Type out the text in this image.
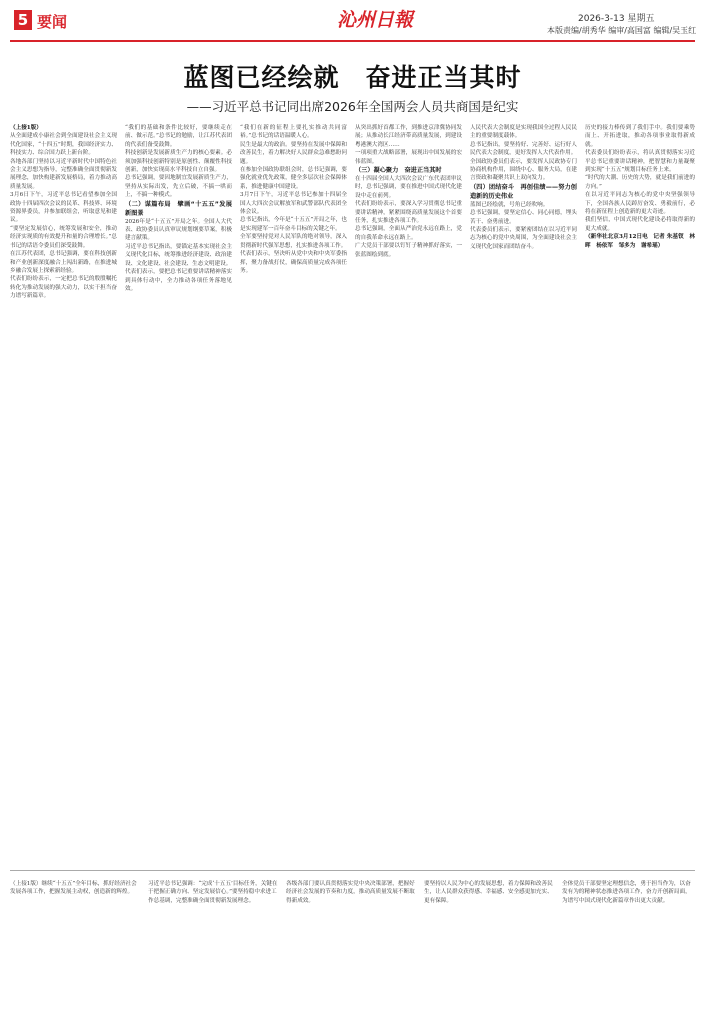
5 要闻	沁州日報	2026-3-13 星期五
本版责编/胡秀华 编审/高国富 编辑/吴玉红
蓝图已经绘就　奋进正当其时
——习近平总书记同出席2026年全国两会人员共商国是纪实

（上接1版）

从全面建成小康社会到全面建设社会主义现代化国家，“十四五”时期，我国经济实力、科技实力、综合国力跃上新台阶。

各地各部门坚持以习近平新时代中国特色社会主义思想为指导，完整准确全面贯彻新发展理念，加快构建新发展格局，着力推动高质量发展。

3月6日下午，习近平总书记看望参加全国政协十四届四次会议的民革、科技界、环境资源界委员，并参加联组会，听取意见和建议。

“要坚定发展信心，统筹发展和安全，推动经济实现质的有效提升和量的合理增长。”总书记的话语令委员们深受鼓舞。

在江苏代表团，总书记强调，要在科技创新和产业创新深度融合上闯出新路，在推进城乡融合发展上探索新经验。

代表们纷纷表示，一定把总书记的殷殷嘱托转化为推动发展的强大动力，以实干担当奋力谱写新篇章。

“我们的基础和条件比较好，要继续走在前、做示范。”总书记的勉励，让江苏代表团的代表们备受鼓舞。

科技创新是发展新质生产力的核心要素。必须加强科技创新特别是原创性、颠覆性科技创新，加快实现高水平科技自立自强。

总书记强调，要因地制宜发展新质生产力，坚持从实际出发，先立后破，不搞一哄而上，不搞一种模式。

（二）谋篇布局　擘画“十五五”发展新图景

2026年是“十五五”开局之年。全国人大代表、政协委员认真审议规划纲要草案，积极建言献策。

习近平总书记指出，要锚定基本实现社会主义现代化目标，统筹推进经济建设、政治建设、文化建设、社会建设、生态文明建设。

代表们表示，要把总书记重要讲话精神落实到具体行动中，全力推动各项任务落地见效。

“我们在新的征程上要扎实推动共同富裕。”总书记的话语温暖人心。

民生是最大的政治。要坚持在发展中保障和改善民生，着力解决好人民群众急难愁盼问题。

在参加全国政协联组会时，总书记强调，要强化就业优先政策，健全多层次社会保障体系，推进健康中国建设。

3月7日下午，习近平总书记参加十四届全国人大四次会议解放军和武警部队代表团全体会议。

总书记指出，今年是“十五五”开局之年，也是实现建军一百年奋斗目标的关键之年。

全军要坚持党对人民军队的绝对领导，深入贯彻新时代强军思想，扎实推进各项工作。

代表们表示，坚决听从党中央和中央军委指挥，聚力备战打仗，确保高质量完成各项任务。

从突出抓好首都工作，到推进京津冀协同发展；从推动长江经济带高质量发展，到建设粤港澳大湾区……

一项项重大战略部署，展现出中国发展的宏伟蓝图。

（三）凝心聚力　奋进正当其时

在十四届全国人大四次会议广东代表团审议时，总书记强调，要在推进中国式现代化建设中走在前列。

代表们纷纷表示，要深入学习贯彻总书记重要讲话精神，紧紧围绕高质量发展这个首要任务，扎实推进各项工作。

总书记强调，全面从严治党永远在路上，党的自我革命永远在路上。

广大党员干部要以钉钉子精神抓好落实，一张蓝图绘到底。

人民代表大会制度是实现我国全过程人民民主的重要制度载体。

总书记指出，要坚持好、完善好、运行好人民代表大会制度，更好发挥人大代表作用。

全国政协委员们表示，要发挥人民政协专门协商机构作用，围绕中心、服务大局，在建言资政和凝聚共识上双向发力。

（四）团结奋斗　再创佳绩——努力创造新的历史伟业

蓝图已经绘就，号角已经吹响。

总书记强调，要坚定信心、同心同德，埋头苦干、奋勇前进。

代表委员们表示，要紧密团结在以习近平同志为核心的党中央周围，为全面建设社会主义现代化国家而团结奋斗。

历史的接力棒传到了我们手中。我们要乘势而上、开拓进取，推动各项事业取得新成就。

代表委员们纷纷表示，将认真贯彻落实习近平总书记重要讲话精神，把智慧和力量凝聚到实现“十五五”规划目标任务上来。

“时代的大潮、历史的大势，就是我们前进的方向。”

在以习近平同志为核心的党中央坚强领导下，全国各族人民踔厉奋发、勇毅前行，必将在新征程上创造新的更大奇迹。

我们坚信，中国式现代化建设必将取得新的更大成就。

（新华社北京3月12日电　记者 朱基钗　林晖　杨依军　邹多为　谢希瑶）

（上接1版）继续“十五五”全年目标，抓好经济社会发展各项工作，把握发展主动权，创造新的辉煌。

习近平总书记强调：“完成‘十五五’目标任务，关键在于把握正确方向、坚定发展信心。”要坚持稳中求进工作总基调，完整准确全面贯彻新发展理念。

各级各部门要认真贯彻落实党中央决策部署，把握好经济社会发展的节奏和力度，推动高质量发展不断取得新成效。

要坚持以人民为中心的发展思想，着力保障和改善民生，让人民群众获得感、幸福感、安全感更加充实、更有保障。

全体党员干部要坚定理想信念，勇于担当作为，以奋发有为的精神状态推进各项工作，奋力开创新局面，为谱写中国式现代化新篇章作出更大贡献。
